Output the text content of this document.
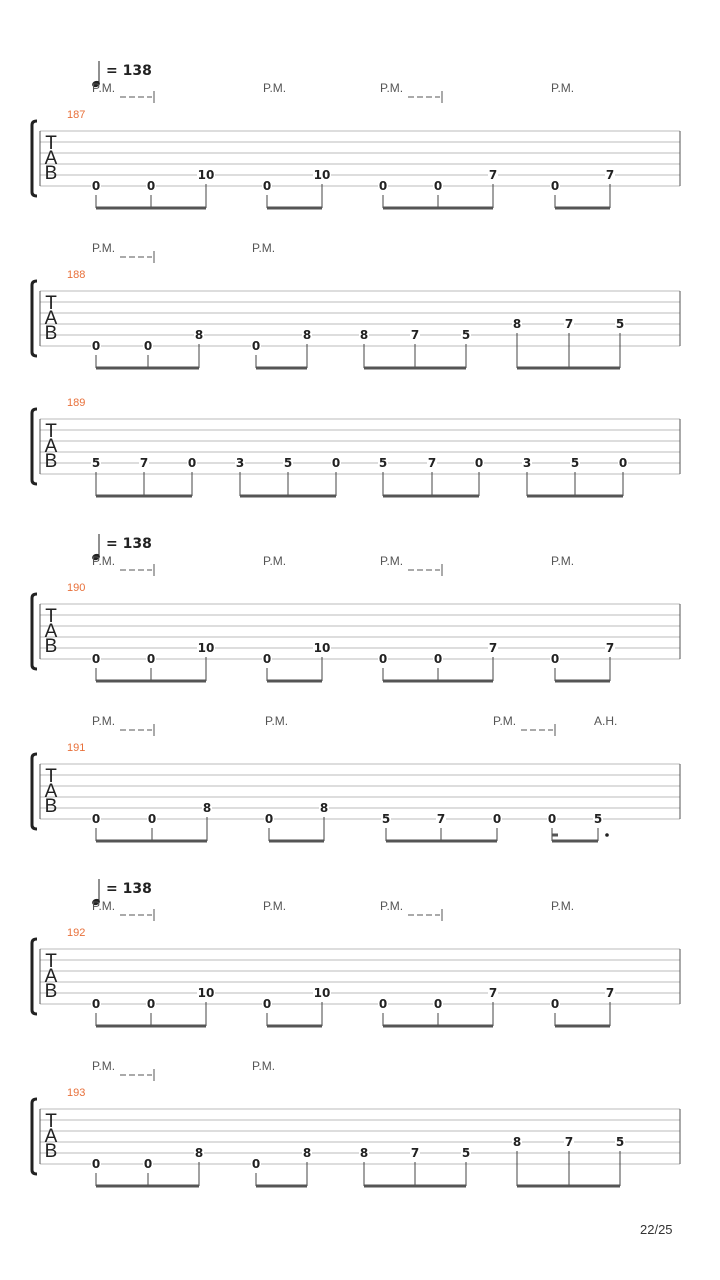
T
A
B
187
= 138
P.M.	P.M.	P.M.	P.M.
0	0
10
0
10
0	0
7
0
7
T
A
B
188
P.M.	P.M.
0	0
8
0
8	8	7	5
8	7	5
T
A
B
189
5	7	0	3	5	0	5	7	0	3	5	0
T
A
B
190
= 138
P.M.	P.M.	P.M.	P.M.
0	0
10
0
10
0	0
7
0
7
T
A
B
191
P.M.	P.M.	P.M.	A.H.
0	0
8
0
8
5	7	0	0	5
T
A
B
192
= 138
P.M.	P.M.	P.M.	P.M.
0	0
10
0
10
0	0
7
0
7
T
A
B
193
P.M.	P.M.
0	0
8
0
8	8	7	5
8	7	5
22/25
